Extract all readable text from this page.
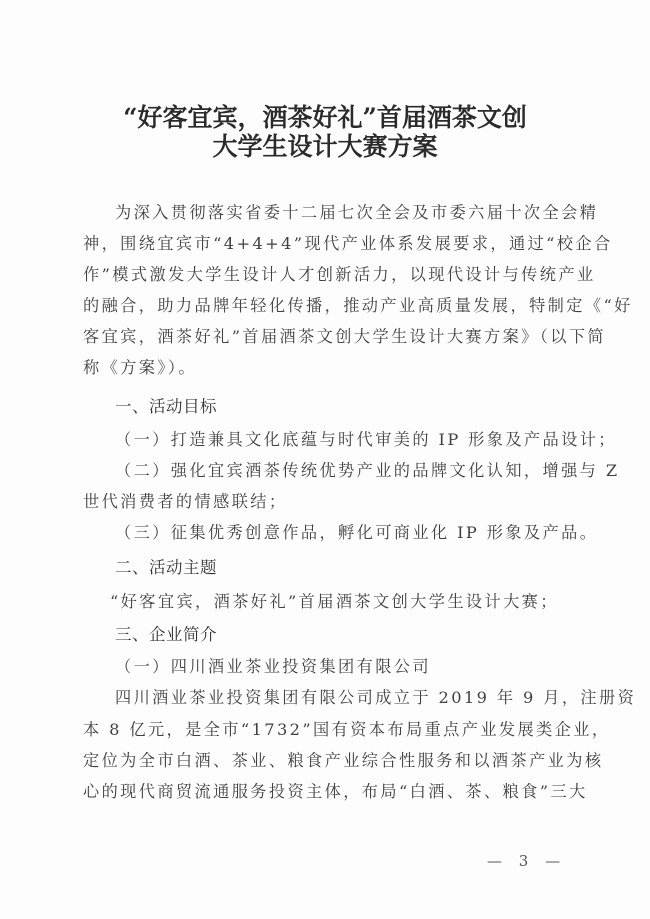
“好客宜宾，酒茶好礼”首届酒茶文创
大学生设计大赛方案
为深入贯彻落实省委十二届七次全会及市委六届十次全会精
神，围绕宜宾市“4+4+4”现代产业体系发展要求，通过“校企合
作”模式激发大学生设计人才创新活力，以现代设计与传统产业
的融合，助力品牌年轻化传播，推动产业高质量发展，特制定《“好
客宜宾，酒茶好礼”首届酒茶文创大学生设计大赛方案》（以下简
称《方案》）。
一、活动目标
（一）打造兼具文化底蕴与时代审美的 IP 形象及产品设计；
（二）强化宜宾酒茶传统优势产业的品牌文化认知，增强与 Z
世代消费者的情感联结；
（三）征集优秀创意作品，孵化可商业化 IP 形象及产品。
二、活动主题
“好客宜宾，酒茶好礼”首届酒茶文创大学生设计大赛；
三、企业简介
（一）四川酒业茶业投资集团有限公司
四川酒业茶业投资集团有限公司成立于 2019 年 9 月，注册资
本 8 亿元，是全市“1732”国有资本布局重点产业发展类企业，
定位为全市白酒、茶业、粮食产业综合性服务和以酒茶产业为核
心的现代商贸流通服务投资主体，布局“白酒、茶、粮食”三大
— 3 —
